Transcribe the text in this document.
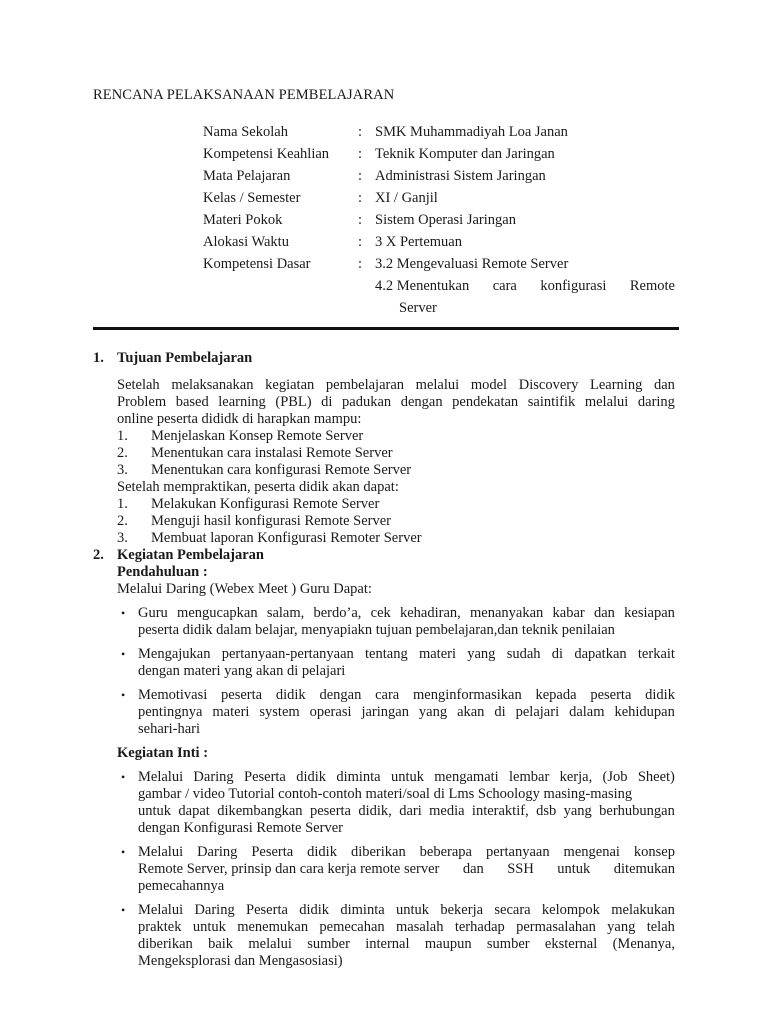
RENCANA PELAKSANAAN PEMBELAJARAN
Nama Sekolah	: SMK Muhammadiyah Loa Janan
Kompetensi Keahlian : Teknik Komputer dan Jaringan
Mata Pelajaran	: Administrasi Sistem Jaringan
Kelas / Semester	: XI / Ganjil
Materi Pokok	: Sistem Operasi Jaringan
Alokasi Waktu	: 3 X Pertemuan
Kompetensi Dasar	: 3.2 Mengevaluasi Remote Server
4.2 Menentukan cara konfigurasi Remote
Server
1. Tujuan Pembelajaran
Setelah melaksanakan kegiatan pembelajaran melalui model Discovery Learning dan
Problem based learning (PBL) di padukan dengan pendekatan saintifik melalui daring
online peserta dididk di harapkan mampu:
1. Menjelaskan Konsep Remote Server
2. Menentukan cara instalasi Remote Server
3. Menentukan cara konfigurasi Remote Server
Setelah mempraktikan, peserta didik akan dapat:
1. Melakukan Konfigurasi Remote Server
2. Menguji hasil konfigurasi Remote Server
3. Membuat laporan Konfigurasi Remoter Server
2. Kegiatan Pembelajaran
Pendahuluan :
Melalui Daring (Webex Meet ) Guru Dapat:
• Guru mengucapkan salam, berdo’a, cek kehadiran, menanyakan kabar dan kesiapan
peserta didik dalam belajar, menyapiakn tujuan pembelajaran,dan teknik penilaian
• Mengajukan pertanyaan-pertanyaan tentang materi yang sudah di dapatkan terkait
dengan materi yang akan di pelajari
• Memotivasi peserta didik dengan cara menginformasikan kepada peserta didik
pentingnya materi system operasi jaringan yang akan di pelajari dalam kehidupan
sehari-hari
Kegiatan Inti :
• Melalui Daring Peserta didik diminta untuk mengamati lembar kerja, (Job Sheet)
gambar / video Tutorial contoh-contoh materi/soal di Lms Schoology masing-masing
untuk dapat dikembangkan peserta didik, dari media interaktif, dsb yang berhubungan
dengan Konfigurasi Remote Server
• Melalui Daring Peserta didik diberikan beberapa pertanyaan mengenai konsep
Remote Server, prinsip dan cara kerja remote server dan SSH untuk ditemukan
pemecahannya
• Melalui Daring Peserta didik diminta untuk bekerja secara kelompok melakukan
praktek untuk menemukan pemecahan masalah terhadap permasalahan yang telah
diberikan baik melalui sumber internal maupun sumber eksternal (Menanya,
Mengeksplorasi dan Mengasosiasi)
